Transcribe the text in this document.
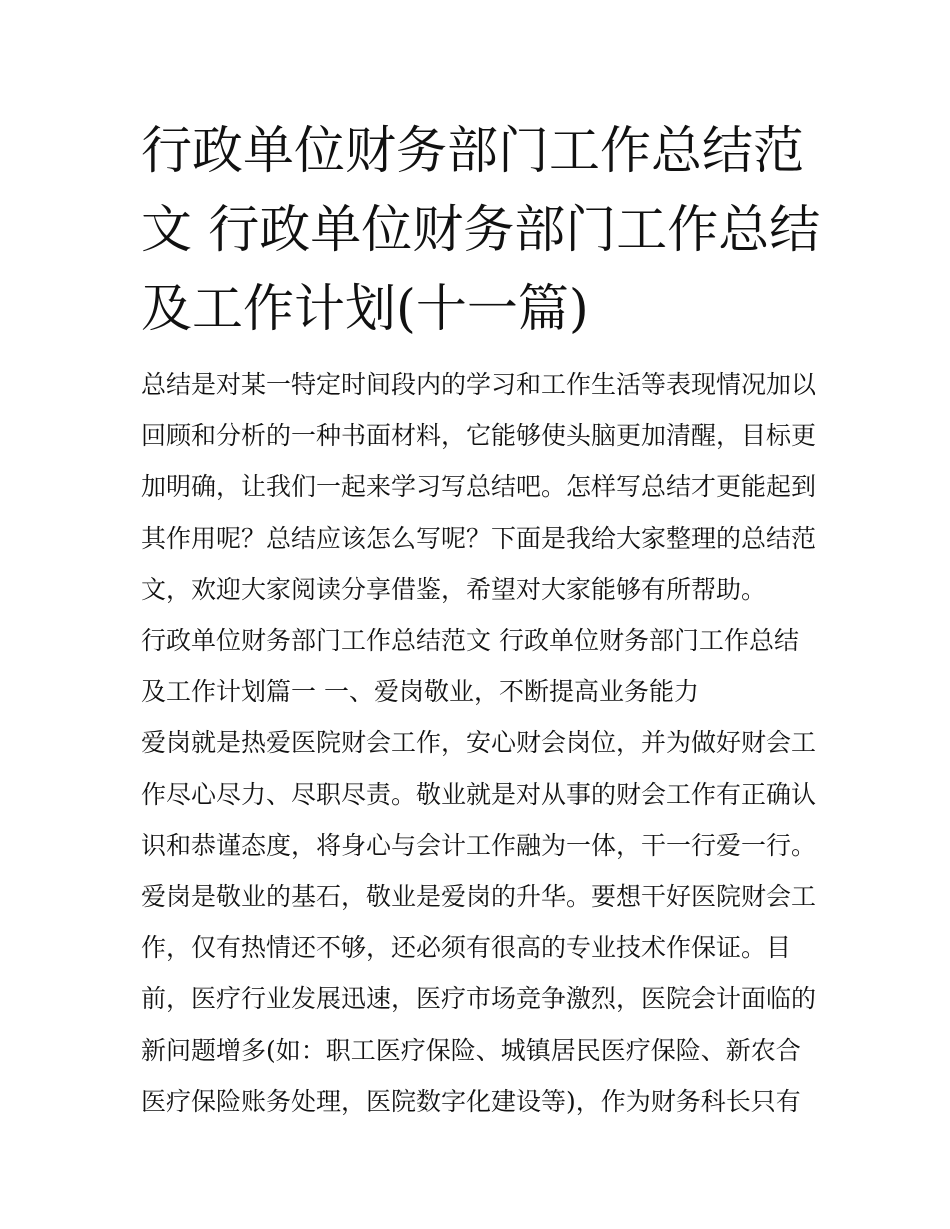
行政单位财务部门工作总结范
文 行政单位财务部门工作总结
及工作计划(十一篇)
总结是对某一特定时间段内的学习和工作生活等表现情况加以
回顾和分析的一种书面材料，它能够使头脑更加清醒，目标更
加明确，让我们一起来学习写总结吧。怎样写总结才更能起到
其作用呢？总结应该怎么写呢？下面是我给大家整理的总结范
文，欢迎大家阅读分享借鉴，希望对大家能够有所帮助。
行政单位财务部门工作总结范文 行政单位财务部门工作总结
及工作计划篇一 一、爱岗敬业，不断提高业务能力
爱岗就是热爱医院财会工作，安心财会岗位，并为做好财会工
作尽心尽力、尽职尽责。敬业就是对从事的财会工作有正确认
识和恭谨态度，将身心与会计工作融为一体，干一行爱一行。
爱岗是敬业的基石，敬业是爱岗的升华。要想干好医院财会工
作，仅有热情还不够，还必须有很高的专业技术作保证。目
前，医疗行业发展迅速，医疗市场竞争激烈，医院会计面临的
新问题增多(如：职工医疗保险、城镇居民医疗保险、新农合
医疗保险账务处理，医院数字化建设等)，作为财务科长只有
